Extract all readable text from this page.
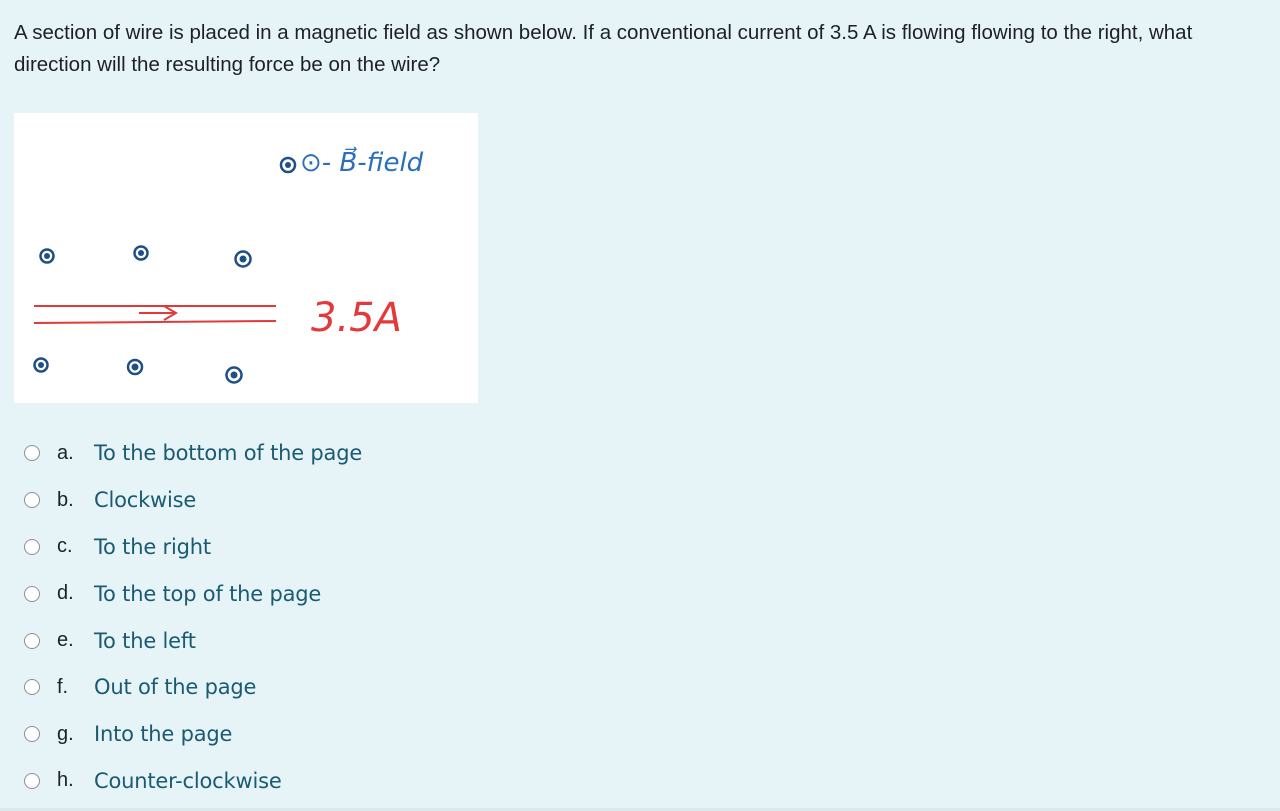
A section of wire is placed in a magnetic field as shown below. If a conventional current of 3.5 A is flowing flowing to the right, what direction will the resulting force be on the wire?

⊙- B⃗-field
3.5A
a. To the bottom of the page
b. Clockwise
c.	To the right
d. To the top of the page
e. To the left
f.	Out of the page
g. Into the page
h. Counter-clockwise
